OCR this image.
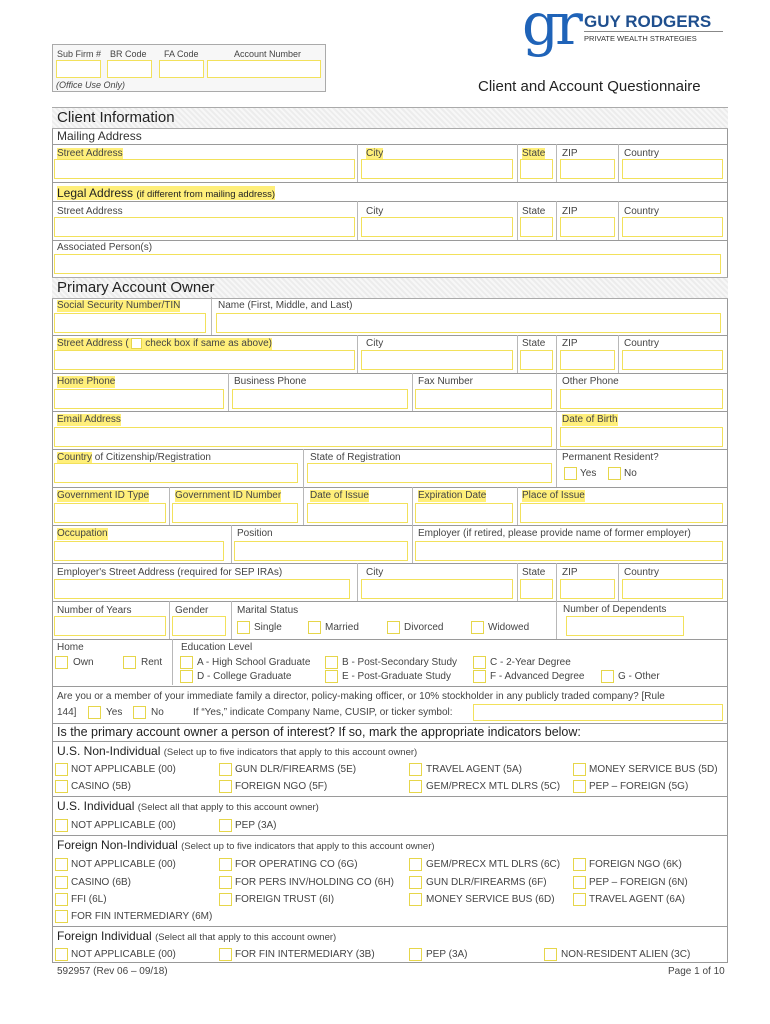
gr GUY RODGERS
PRIVATE WEALTH STRATEGIES
Sub Firm # BR Code FA Code	Account Number
(Office Use Only)	Client and Account Questionnaire
Client Information
Mailing Address
Street Address	City	State ZIP	Country
Legal Address (if different from mailing address)
Street Address	City	State ZIP	Country
Associated Person(s)
Primary Account Owner
Social Security Number/TIN	Name (First, Middle, and Last)
Street Address ( check box if same as above)	City	State ZIP	Country
Home Phone	Business Phone	Fax Number	Other Phone
Email Address	Date of Birth
Country of Citizenship/Registration	State of Registration	Permanent Resident?
Yes	No
Government ID Type	Government ID Number	Date of Issue	Expiration Date	Place of Issue
Occupation	Position	Employer (if retired, please provide name of former employer)
Employer's Street Address (required for SEP IRAs)	City	State ZIP	Country
Number of Years	Gender	Marital Status	Number of Dependents
Single	Married	Divorced	Widowed
Home
Own	Rent
Education Level
A - High School Graduate	B - Post-Secondary Study	C - 2-Year Degree
D - College Graduate	E - Post-Graduate Study	F - Advanced Degree	G - Other
Are you or a member of your immediate family a director, policy-making officer, or 10% stockholder in any publicly traded company? [Rule
144]	Yes	No	If “Yes,” indicate Company Name, CUSIP, or ticker symbol:
Is the primary account owner a person of interest? If so, mark the appropriate indicators below:
U.S. Non-Individual (Select up to five indicators that apply to this account owner)
NOT APPLICABLE (00)	GUN DLR/FIREARMS (5E)	TRAVEL AGENT (5A)	MONEY SERVICE BUS (5D)
CASINO (5B)	FOREIGN NGO (5F)	GEM/PRECX MTL DLRS (5C)	PEP – FOREIGN (5G)
U.S. Individual (Select all that apply to this account owner)
NOT APPLICABLE (00)	PEP (3A)
Foreign Non-Individual (Select up to five indicators that apply to this account owner)
NOT APPLICABLE (00)	FOR OPERATING CO (6G)	GEM/PRECX MTL DLRS (6C)	FOREIGN NGO (6K)
CASINO (6B)	FOR PERS INV/HOLDING CO (6H)	GUN DLR/FIREARMS (6F)	PEP – FOREIGN (6N)
FFI (6L)	FOREIGN TRUST (6I)	MONEY SERVICE BUS (6D)	TRAVEL AGENT (6A)
FOR FIN INTERMEDIARY (6M)
Foreign Individual (Select all that apply to this account owner)
NOT APPLICABLE (00)	FOR FIN INTERMEDIARY (3B)	PEP (3A)	NON-RESIDENT ALIEN (3C)
592957 (Rev 06 – 09/18)	Page 1 of 10
